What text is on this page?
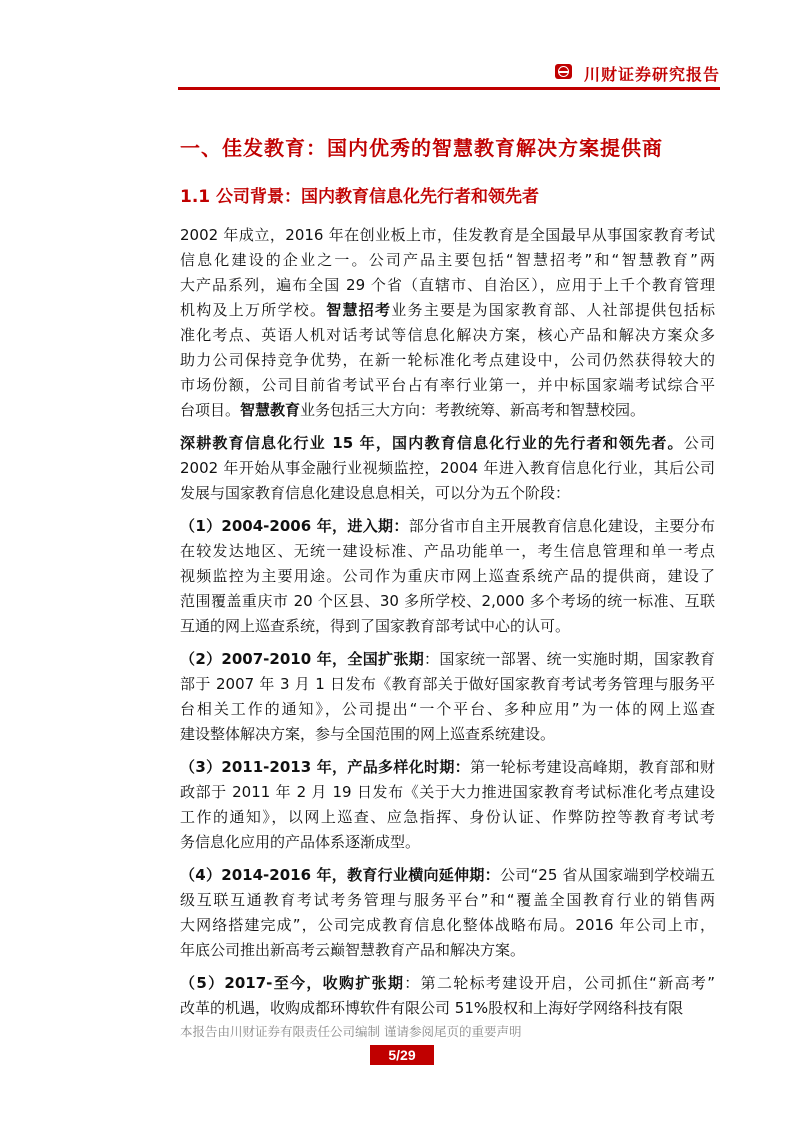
川财证券研究报告
一、佳发教育：国内优秀的智慧教育解决方案提供商
1.1 公司背景：国内教育信息化先行者和领先者
2002 年成立，2016 年在创业板上市，佳发教育是全国最早从事国家教育考试
信息化建设的企业之一。公司产品主要包括“智慧招考”和“智慧教育”两
大产品系列，遍布全国 29 个省（直辖市、自治区），应用于上千个教育管理
机构及上万所学校。智慧招考业务主要是为国家教育部、人社部提供包括标
准化考点、英语人机对话考试等信息化解决方案，核心产品和解决方案众多
助力公司保持竞争优势，在新一轮标准化考点建设中，公司仍然获得较大的
市场份额，公司目前省考试平台占有率行业第一，并中标国家端考试综合平
台项目。智慧教育业务包括三大方向：考教统筹、新高考和智慧校园。
深耕教育信息化行业 15 年，国内教育信息化行业的先行者和领先者。公司
2002 年开始从事金融行业视频监控，2004 年进入教育信息化行业，其后公司
发展与国家教育信息化建设息息相关，可以分为五个阶段：
（1）2004-2006 年，进入期：部分省市自主开展教育信息化建设，主要分布
在较发达地区、无统一建设标准、产品功能单一，考生信息管理和单一考点
视频监控为主要用途。公司作为重庆市网上巡查系统产品的提供商，建设了
范围覆盖重庆市 20 个区县、30 多所学校、2,000 多个考场的统一标准、互联
互通的网上巡查系统，得到了国家教育部考试中心的认可。
（2）2007-2010 年，全国扩张期：国家统一部署、统一实施时期，国家教育
部于 2007 年 3 月 1 日发布《教育部关于做好国家教育考试考务管理与服务平
台相关工作的通知》，公司提出“一个平台、多种应用”为一体的网上巡查
建设整体解决方案，参与全国范围的网上巡查系统建设。
（3）2011-2013 年，产品多样化时期：第一轮标考建设高峰期，教育部和财
政部于 2011 年 2 月 19 日发布《关于大力推进国家教育考试标准化考点建设
工作的通知》，以网上巡查、应急指挥、身份认证、作弊防控等教育考试考
务信息化应用的产品体系逐渐成型。
（4）2014-2016 年，教育行业横向延伸期：公司“25 省从国家端到学校端五
级互联互通教育考试考务管理与服务平台”和“覆盖全国教育行业的销售两
大网络搭建完成”，公司完成教育信息化整体战略布局。2016 年公司上市，
年底公司推出新高考云巅智慧教育产品和解决方案。
（5）2017-至今，收购扩张期：第二轮标考建设开启，公司抓住“新高考”
改革的机遇，收购成都环博软件有限公司 51%股权和上海好学网络科技有限
本报告由川财证券有限责任公司编制 谨请参阅尾页的重要声明
5/29
